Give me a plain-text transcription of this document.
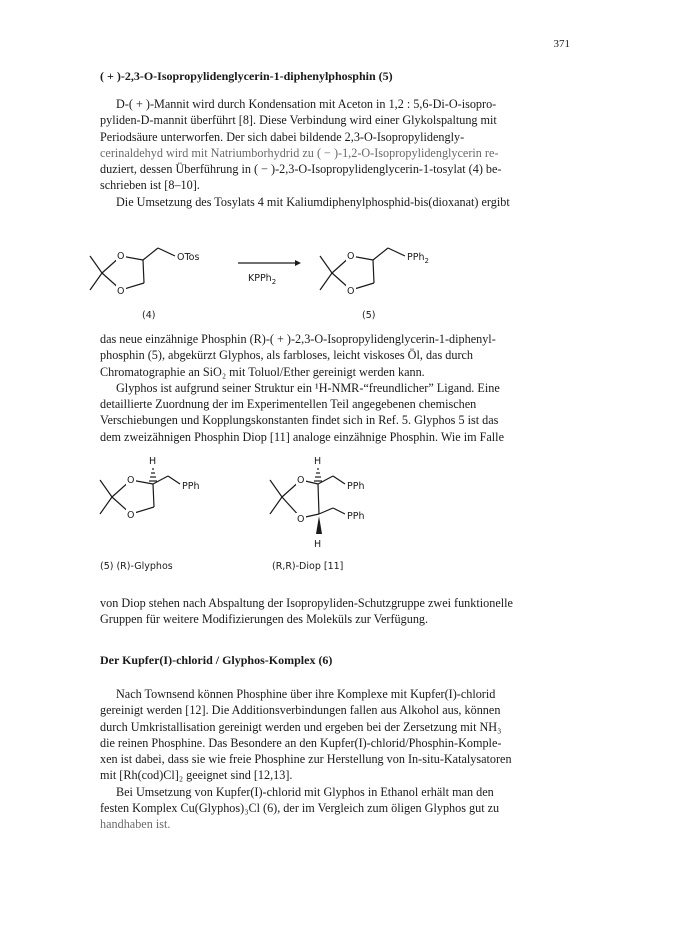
371
( + )-2,3-O-Isopropylidenglycerin-1-diphenylphosphin (5)

D-( + )-Mannit wird durch Kondensation mit Aceton in 1,2 : 5,6-Di-O-isopro-

pyliden-D-mannit überführt [8]. Diese Verbindung wird einer Glykolspaltung mit

Periodsäure unterworfen. Der sich dabei bildende 2,3-O-Isopropylidengly-

cerinaldehyd wird mit Natriumborhydrid zu ( − )-1,2-O-Isopropylidenglycerin re-

duziert, dessen Überführung in ( − )-2,3-O-Isopropylidenglycerin-1-tosylat (4) be-

schrieben ist [8–10].

Die Umsetzung des Tosylats 4 mit Kaliumdiphenylphosphid-bis(dioxanat) ergibt

O
O
OTos
KPPh$_2$
O
O
PPh$_2$
(4)	(5)

das neue einzähnige Phosphin (R)-( + )-2,3-O-Isopropylidenglycerin-1-diphenyl-

phosphin (5), abgekürzt Glyphos, als farbloses, leicht viskoses Öl, das durch

Chromatographie an SiO₂ mit Toluol/Ether gereinigt werden kann.

Glyphos ist aufgrund seiner Struktur ein ¹H-NMR-“freundlicher” Ligand. Eine

detaillierte Zuordnung der im Experimentellen Teil angegebenen chemischen

Verschiebungen und Kopplungskonstanten findet sich in Ref. 5. Glyphos 5 ist das

dem zweizähnigen Phosphin Diop [11] analoge einzähnige Phosphin. Wie im Falle

O
O
H
PPh
O
O
H
H
PPh
PPh
(5) (R)-Glyphos	(R,R)-Diop [11]

von Diop stehen nach Abspaltung der Isopropyliden-Schutzgruppe zwei funktionelle

Gruppen für weitere Modifizierungen des Moleküls zur Verfügung.

Der Kupfer(I)-chlorid / Glyphos-Komplex (6)

Nach Townsend können Phosphine über ihre Komplexe mit Kupfer(I)-chlorid

gereinigt werden [12]. Die Additionsverbindungen fallen aus Alkohol aus, können

durch Umkristallisation gereinigt werden und ergeben bei der Zersetzung mit NH₃

die reinen Phosphine. Das Besondere an den Kupfer(I)-chlorid/Phosphin-Komple-

xen ist dabei, dass sie wie freie Phosphine zur Herstellung von In-situ-Katalysatoren

mit [Rh(cod)Cl]₂ geeignet sind [12,13].

Bei Umsetzung von Kupfer(I)-chlorid mit Glyphos in Ethanol erhält man den

festen Komplex Cu(Glyphos)₃Cl (6), der im Vergleich zum öligen Glyphos gut zu

handhaben ist.
